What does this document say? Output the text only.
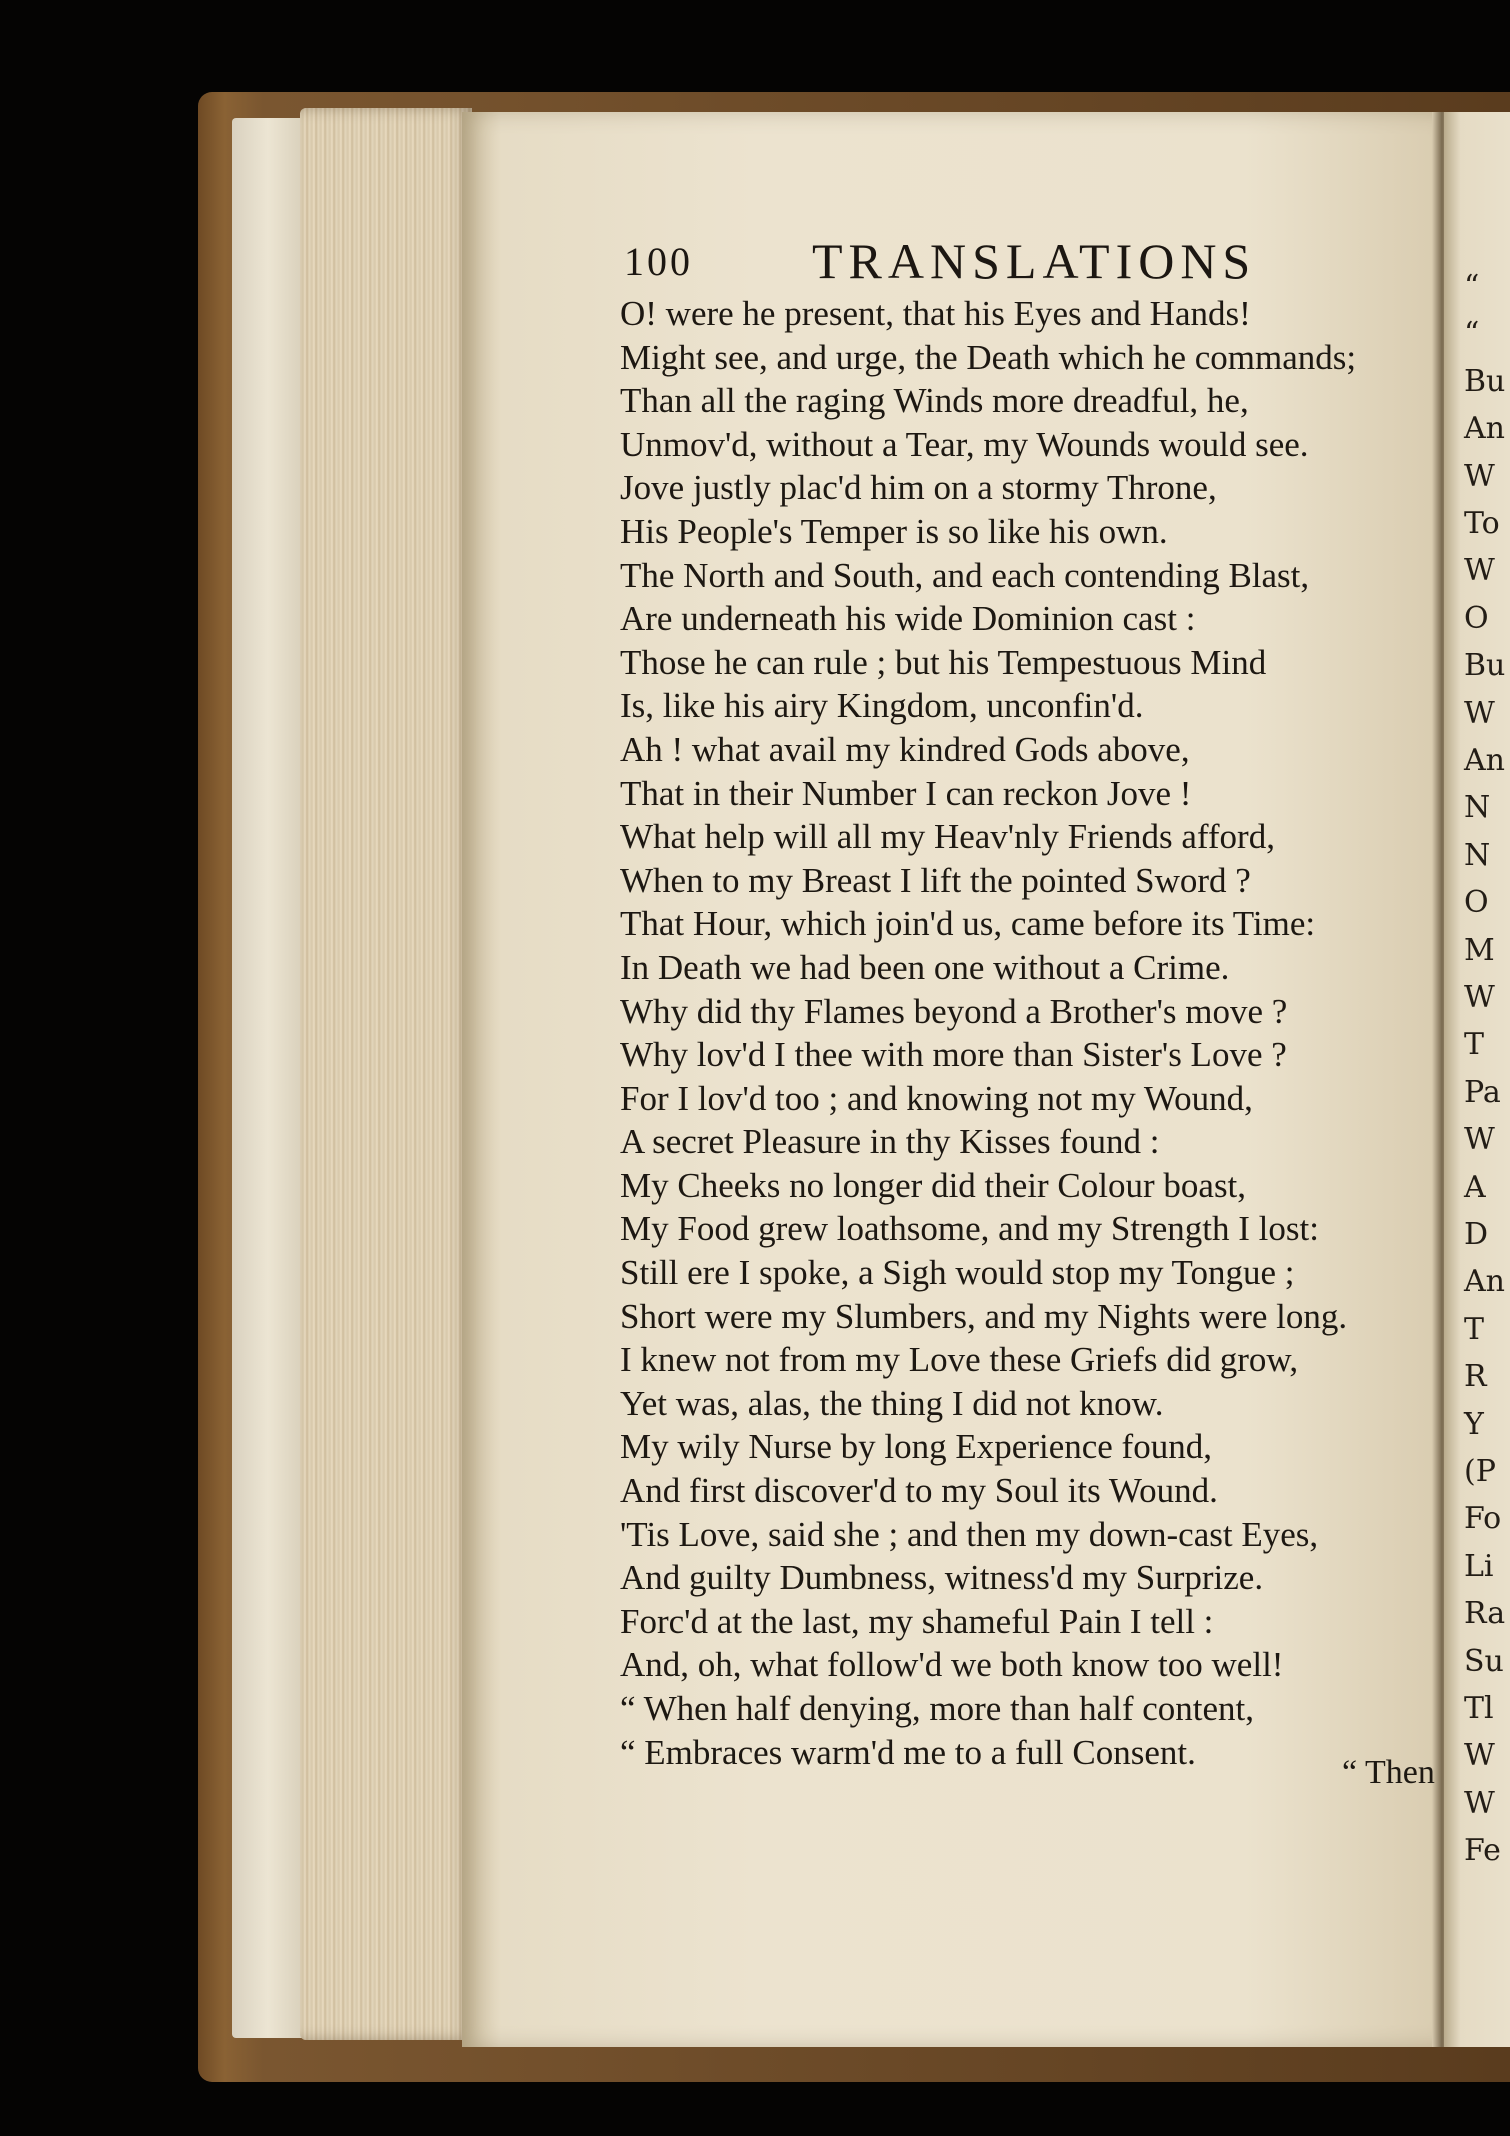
“
“
Bu
An
W
To
W
O
Bu
W
An
N
N
O
M
W
T
Pa
W
A
D
An
T
R
Y
(P
Fo
Li
Ra
Su
Tl
W
W
Fe
100 TRANSLATIONS
O! were he present, that his Eyes and Hands!
Might see, and urge, the Death which he commands;
Than all the raging Winds more dreadful, he,
Unmov'd, without a Tear, my Wounds would see.
Jove justly plac'd him on a stormy Throne,
His People's Temper is so like his own.
The North and South, and each contending Blast,
Are underneath his wide Dominion cast :
Those he can rule ; but his Tempestuous Mind
Is, like his airy Kingdom, unconfin'd.
Ah ! what avail my kindred Gods above,
That in their Number I can reckon Jove !
What help will all my Heav'nly Friends afford,
When to my Breast I lift the pointed Sword ?
That Hour, which join'd us, came before its Time:
In Death we had been one without a Crime.
Why did thy Flames beyond a Brother's move ?
Why lov'd I thee with more than Sister's Love ?
For I lov'd too ; and knowing not my Wound,
A secret Pleasure in thy Kisses found :
My Cheeks no longer did their Colour boast,
My Food grew loathsome, and my Strength I lost:
Still ere I spoke, a Sigh would stop my Tongue ;
Short were my Slumbers, and my Nights were long.
I knew not from my Love these Griefs did grow,
Yet was, alas, the thing I did not know.
My wily Nurse by long Experience found,
And first discover'd to my Soul its Wound.
'Tis Love, said she ; and then my down-cast Eyes,
And guilty Dumbness, witness'd my Surprize.
Forc'd at the last, my shameful Pain I tell :
And, oh, what follow'd we both know too well!
“ When half denying, more than half content,
“ Embraces warm'd me to a full Consent.
“ Then
